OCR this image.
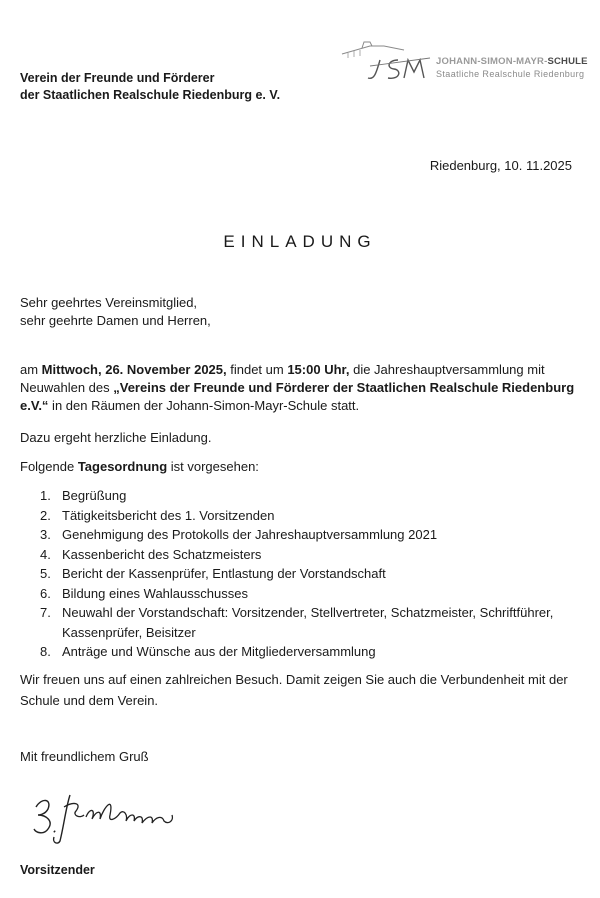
Verein der Freunde und Förderer
der Staatlichen Realschule Riedenburg e. V.
JOHANN-SIMON-MAYR-SCHULE
Staatliche Realschule Riedenburg
Riedenburg, 10. 11.2025
EINLADUNG
Sehr geehrtes Vereinsmitglied,
sehr geehrte Damen und Herren,
am Mittwoch, 26. November 2025, findet um 15:00 Uhr, die Jahreshauptversammlung mit Neuwahlen des „Vereins der Freunde und Förderer der Staatlichen Realschule Riedenburg e.V.“ in den Räumen der Johann-Simon-Mayr-Schule statt.
Dazu ergeht herzliche Einladung.
Folgende Tagesordnung ist vorgesehen:
1. Begrüßung
2. Tätigkeitsbericht des 1. Vorsitzenden
3. Genehmigung des Protokolls der Jahreshauptversammlung 2021
4. Kassenbericht des Schatzmeisters
5. Bericht der Kassenprüfer, Entlastung der Vorstandschaft
6. Bildung eines Wahlausschusses
7. Neuwahl der Vorstandschaft: Vorsitzender, Stellvertreter, Schatzmeister, Schriftführer, Kassenprüfer, Beisitzer
8. Anträge und Wünsche aus der Mitgliederversammlung
Wir freuen uns auf einen zahlreichen Besuch. Damit zeigen Sie auch die Verbundenheit mit der Schule und dem Verein.
Mit freundlichem Gruß
Vorsitzender
